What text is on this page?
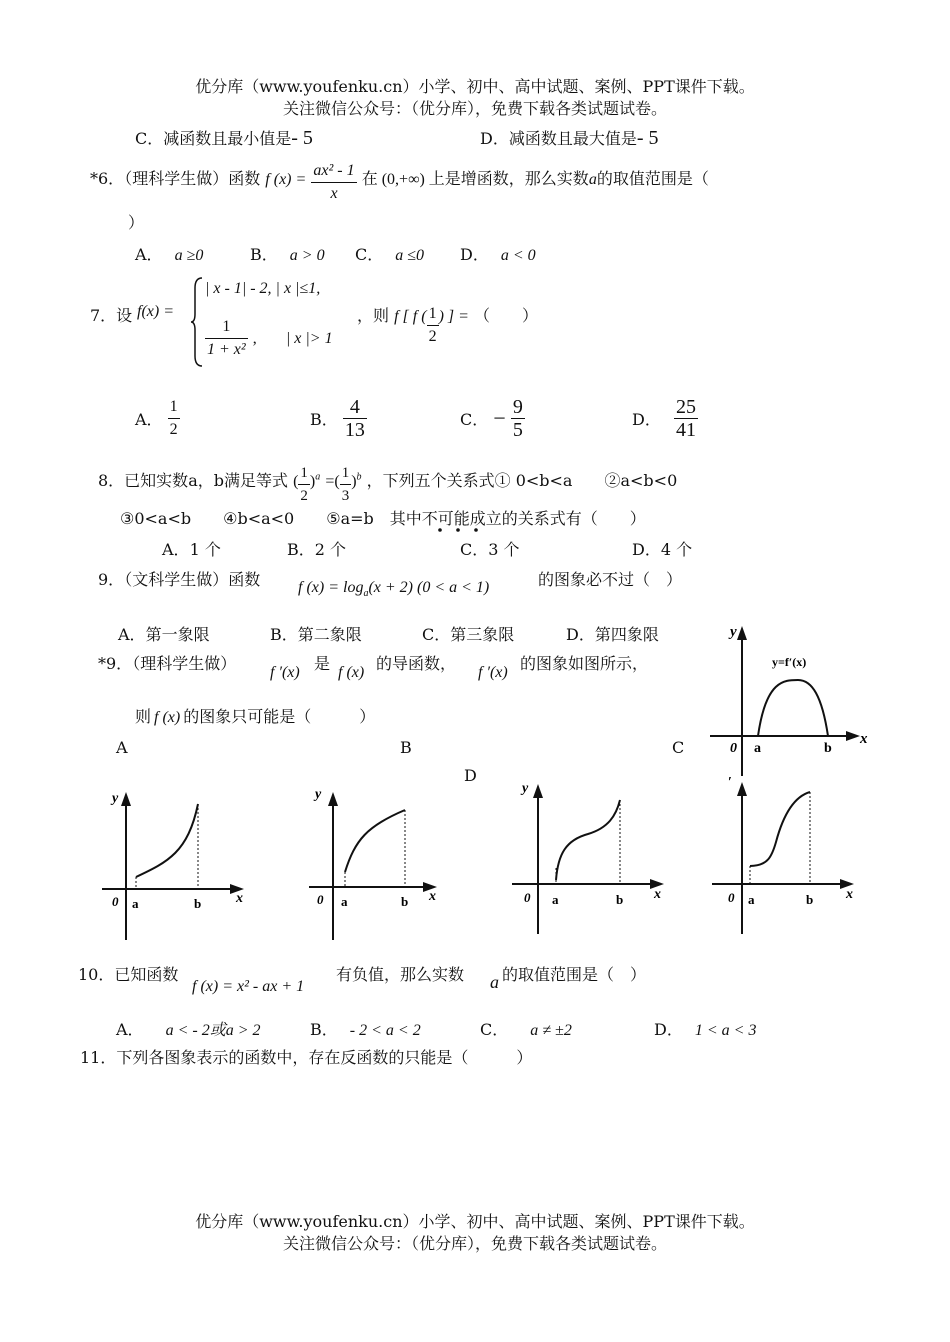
优分库（www.youfenku.cn）小学、初中、高中试题、案例、PPT课件下载。
关注微信公众号：（优分库），免费下载各类试题试卷。
C．减函数且最小值是- 5	D．减函数且最大值是- 5
*6．（理科学生做）函数 f $(x) = \frac{\text{ax² - 1}}{x}$ 在 (0,+∞) 上是增函数，那么实数a的取值范围是（
）
A． a ≥0	B． a > 0 C． a ≤0 D． a < 0
7．设 f(x) =
| x - 1| - 2, | x |≤1,
$\frac{1}{\text{1 + x²}}$ , | x |> 1
，则 f [ f ( $\frac{1}{2}$ ) ] = （　　）
A． $\frac{1}{2}$	B． $\frac{4}{13}$	C． − $\frac{9}{5}$	D． $\frac{25}{41}$
8．已知实数a，b满足等式 ( $\frac{1}{2} )^a$ =( $\frac{1}{3} )^b$ ，下列五个关系式① 0<b<a　　②a<b<0
③0<a<b　　④b<a<0　　⑤a=b　其中不可能成立的关系式有（　　）
A．1 个	B．2 个	C．3 个	D．4 个
9．（文科学生做）函数 f $(x) = \log_a(x + 2) (0 < a < 1)$	的图象必不过（　）
A．第一象限	B．第二象限	C．第三象限	D．第四象限
*9．（理科学生做） f ′(x) 是 f (x) 的导函数， f ′(x) 的图象如图所示，
则 f (x) 的图象只可能是（　　　）
y
x
0 a	b
y=f′(x)
A	B	C
D
y
x
0 a	b
y
x
0 a	b
y
x
0 a	b
′
x
0 a	b
10．已知函数
f (x) = x² - ax + 1
有负值，那么实数 a 的取值范围是（　）
A． a < - 2或a > 2	B． - 2 < a < 2	C． a ≠ ±2	D． 1 < a < 3
11．下列各图象表示的函数中，存在反函数的只能是（　　　）
优分库（www.youfenku.cn）小学、初中、高中试题、案例、PPT课件下载。
关注微信公众号：（优分库），免费下载各类试题试卷。
